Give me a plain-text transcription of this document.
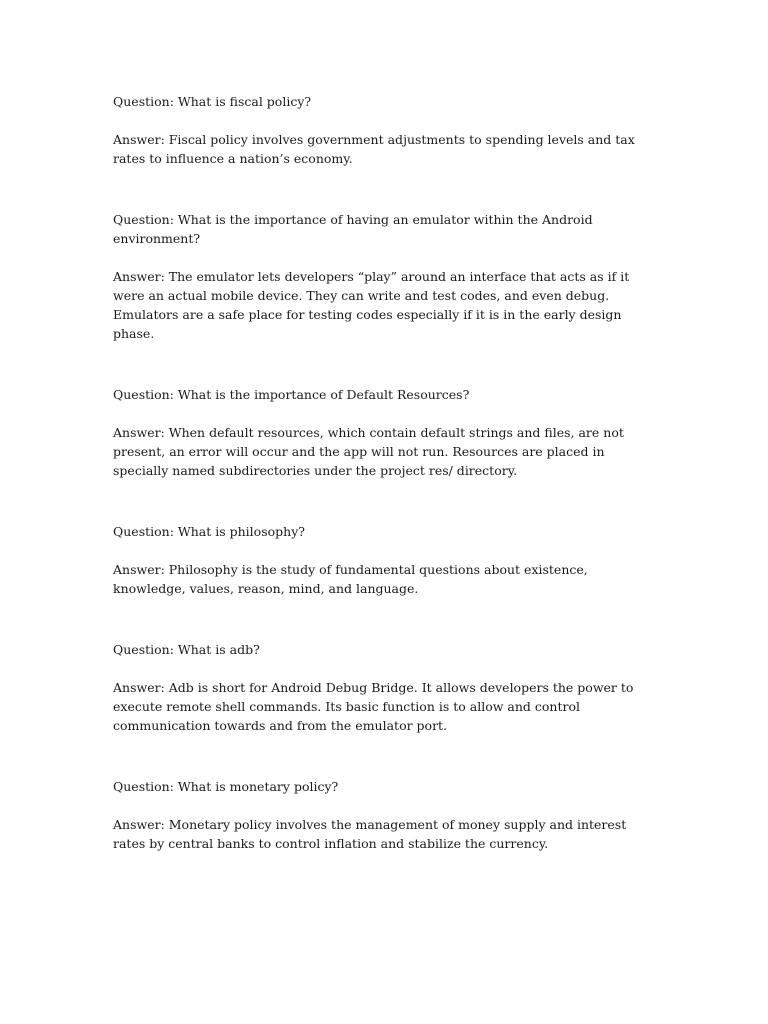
Question: What is fiscal policy?

Answer: Fiscal policy involves government adjustments to spending levels and tax rates to influence a nation’s economy.

Question: What is the importance of having an emulator within the Android environment?

Answer: The emulator lets developers “play” around an interface that acts as if it were an actual mobile device. They can write and test codes, and even debug. Emulators are a safe place for testing codes especially if it is in the early design phase.

Question: What is the importance of Default Resources?

Answer: When default resources, which contain default strings and files, are not present, an error will occur and the app will not run. Resources are placed in specially named subdirectories under the project res/ directory.

Question: What is philosophy?

Answer: Philosophy is the study of fundamental questions about existence, knowledge, values, reason, mind, and language.

Question: What is adb?

Answer: Adb is short for Android Debug Bridge. It allows developers the power to execute remote shell commands. Its basic function is to allow and control communication towards and from the emulator port.

Question: What is monetary policy?

Answer: Monetary policy involves the management of money supply and interest rates by central banks to control inflation and stabilize the currency.
